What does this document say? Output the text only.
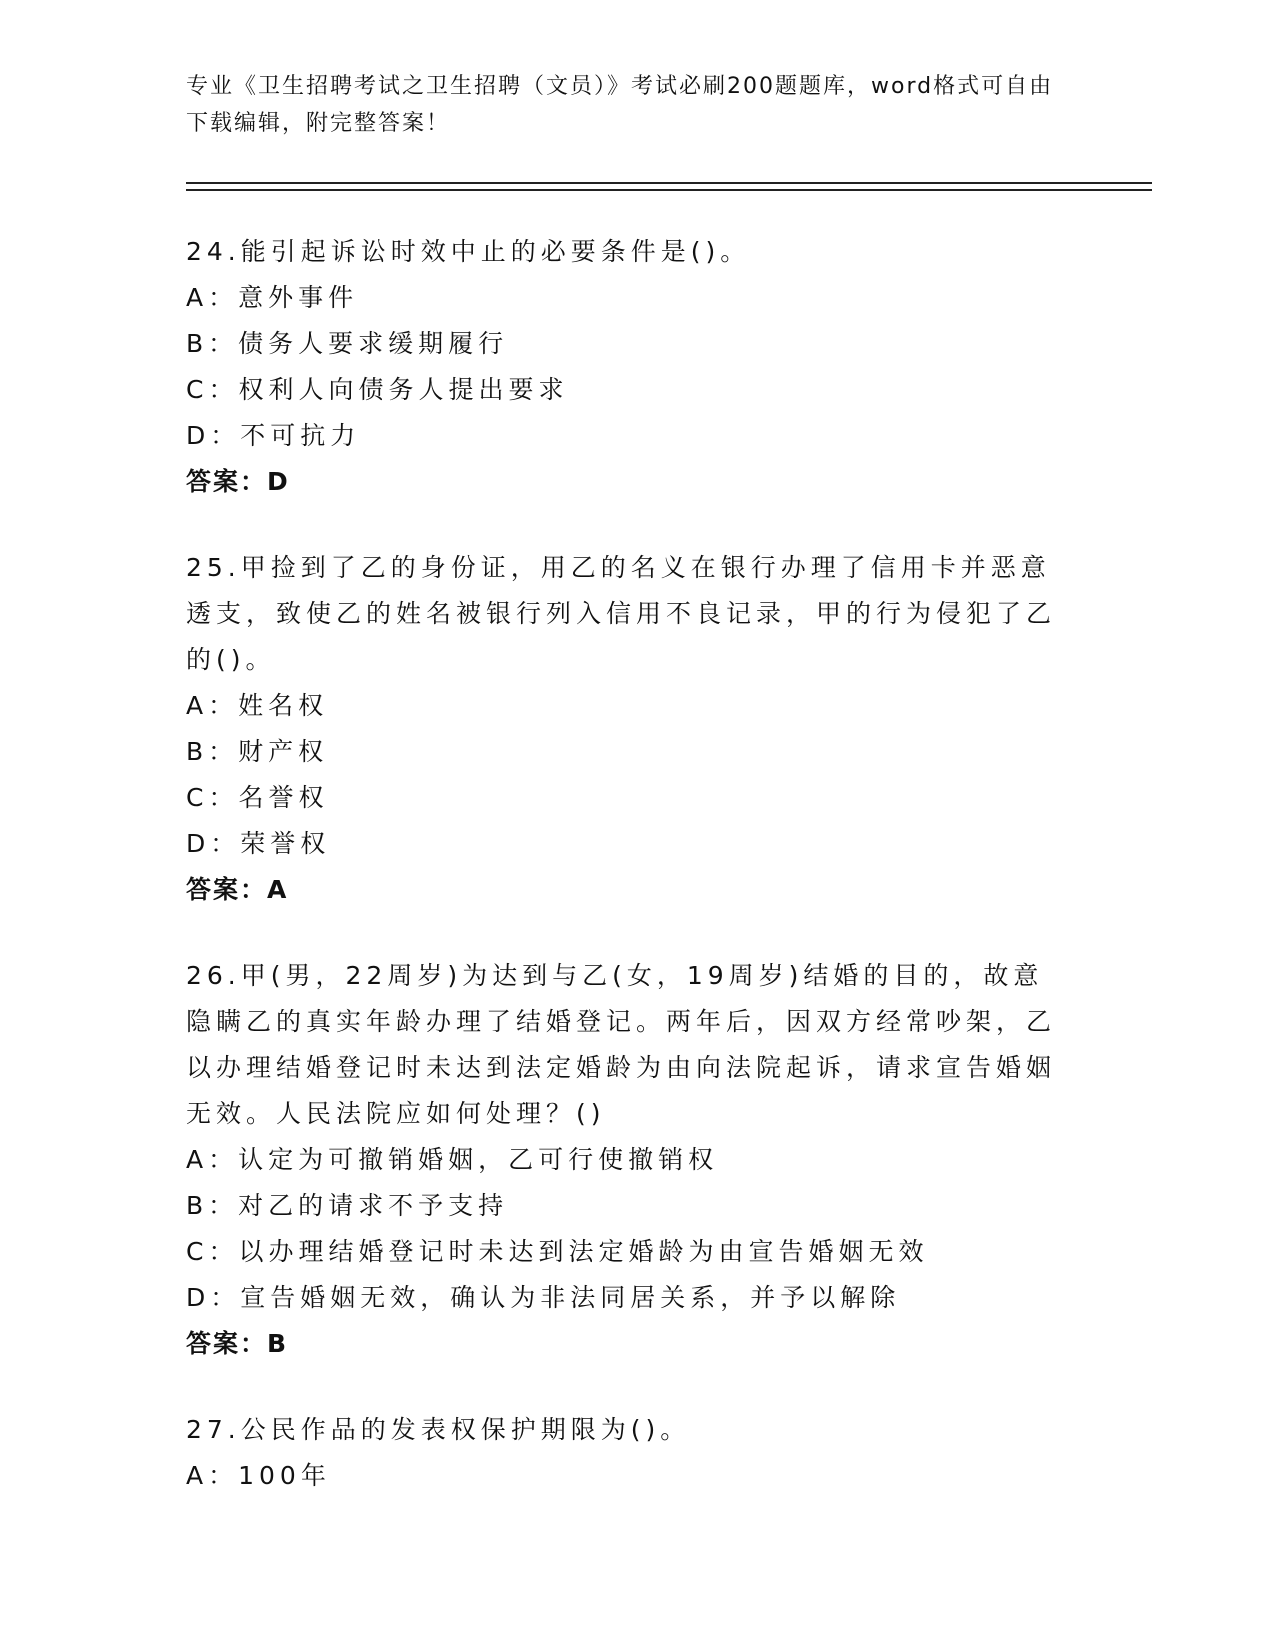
专业《卫生招聘考试之卫生招聘（文员）》考试必刷200题题库，word格式可自由下载编辑，附完整答案！

24.能引起诉讼时效中止的必要条件是()。

A：意外事件

B：债务人要求缓期履行

C：权利人向债务人提出要求

D：不可抗力

答案：D

25.甲捡到了乙的身份证，用乙的名义在银行办理了信用卡并恶意透支，致使乙的姓名被银行列入信用不良记录，甲的行为侵犯了乙的()。

A：姓名权

B：财产权

C：名誉权

D：荣誉权

答案：A

26.甲(男，22周岁)为达到与乙(女，19周岁)结婚的目的，故意隐瞒乙的真实年龄办理了结婚登记。两年后，因双方经常吵架，乙以办理结婚登记时未达到法定婚龄为由向法院起诉，请求宣告婚姻无效。人民法院应如何处理？()

A：认定为可撤销婚姻，乙可行使撤销权

B：对乙的请求不予支持

C：以办理结婚登记时未达到法定婚龄为由宣告婚姻无效

D：宣告婚姻无效，确认为非法同居关系，并予以解除

答案：B

27.公民作品的发表权保护期限为()。

A：100年
